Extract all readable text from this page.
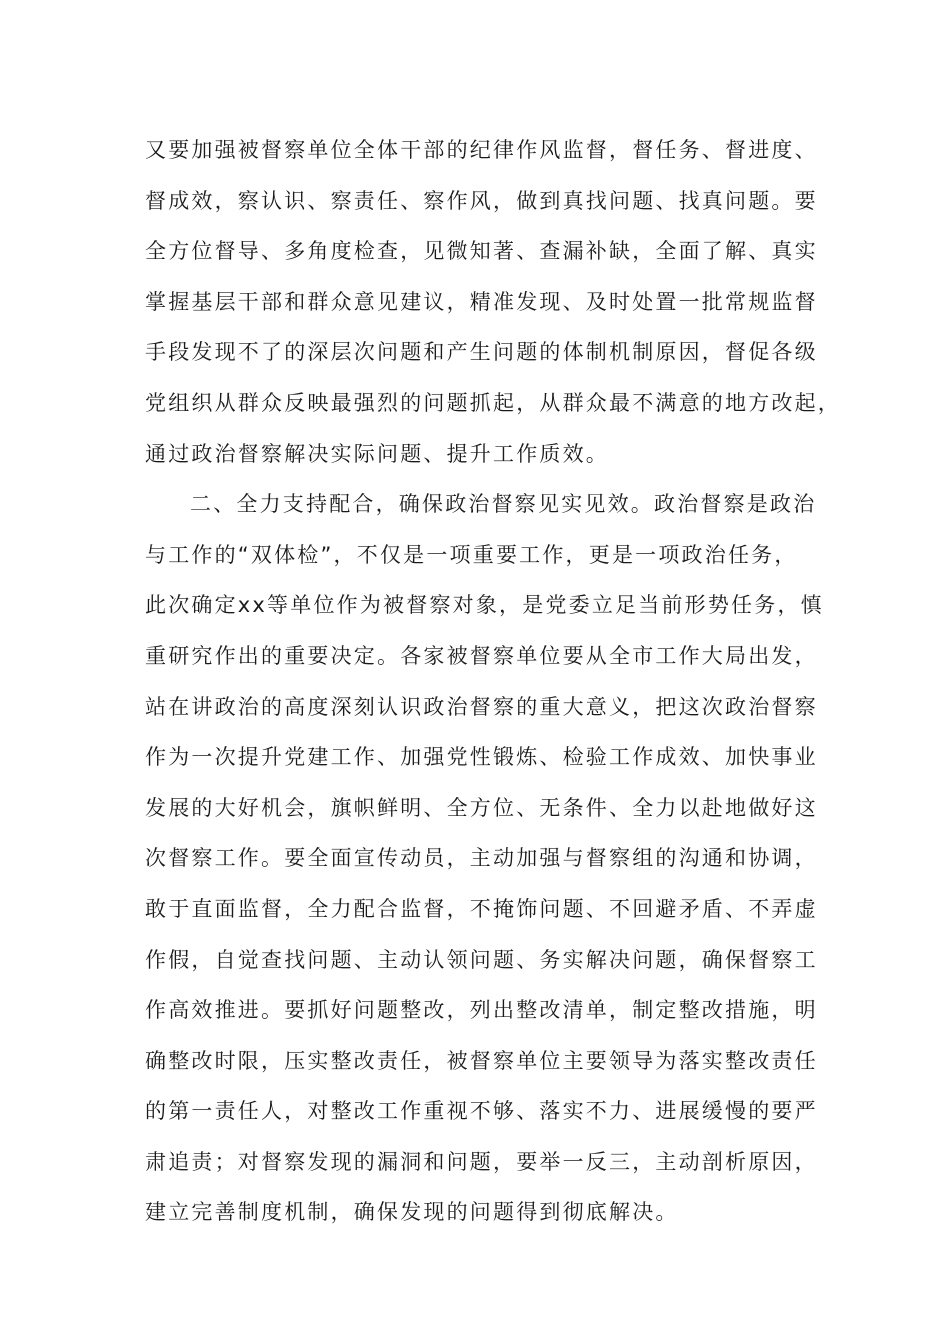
又要加强被督察单位全体干部的纪律作风监督，督任务、督进度、
督成效，察认识、察责任、察作风，做到真找问题、找真问题。要
全方位督导、多角度检查，见微知著、查漏补缺，全面了解、真实
掌握基层干部和群众意见建议，精准发现、及时处置一批常规监督
手段发现不了的深层次问题和产生问题的体制机制原因，督促各级
党组织从群众反映最强烈的问题抓起，从群众最不满意的地方改起，
通过政治督察解决实际问题、提升工作质效。
二、全力支持配合，确保政治督察见实见效。政治督察是政治
与工作的“双体检”，不仅是一项重要工作，更是一项政治任务，
此次确定xx等单位作为被督察对象，是党委立足当前形势任务，慎
重研究作出的重要决定。各家被督察单位要从全市工作大局出发，
站在讲政治的高度深刻认识政治督察的重大意义，把这次政治督察
作为一次提升党建工作、加强党性锻炼、检验工作成效、加快事业
发展的大好机会，旗帜鲜明、全方位、无条件、全力以赴地做好这
次督察工作。要全面宣传动员，主动加强与督察组的沟通和协调，
敢于直面监督，全力配合监督，不掩饰问题、不回避矛盾、不弄虚
作假，自觉查找问题、主动认领问题、务实解决问题，确保督察工
作高效推进。要抓好问题整改，列出整改清单，制定整改措施，明
确整改时限，压实整改责任，被督察单位主要领导为落实整改责任
的第一责任人，对整改工作重视不够、落实不力、进展缓慢的要严
肃追责；对督察发现的漏洞和问题，要举一反三，主动剖析原因，
建立完善制度机制，确保发现的问题得到彻底解决。
